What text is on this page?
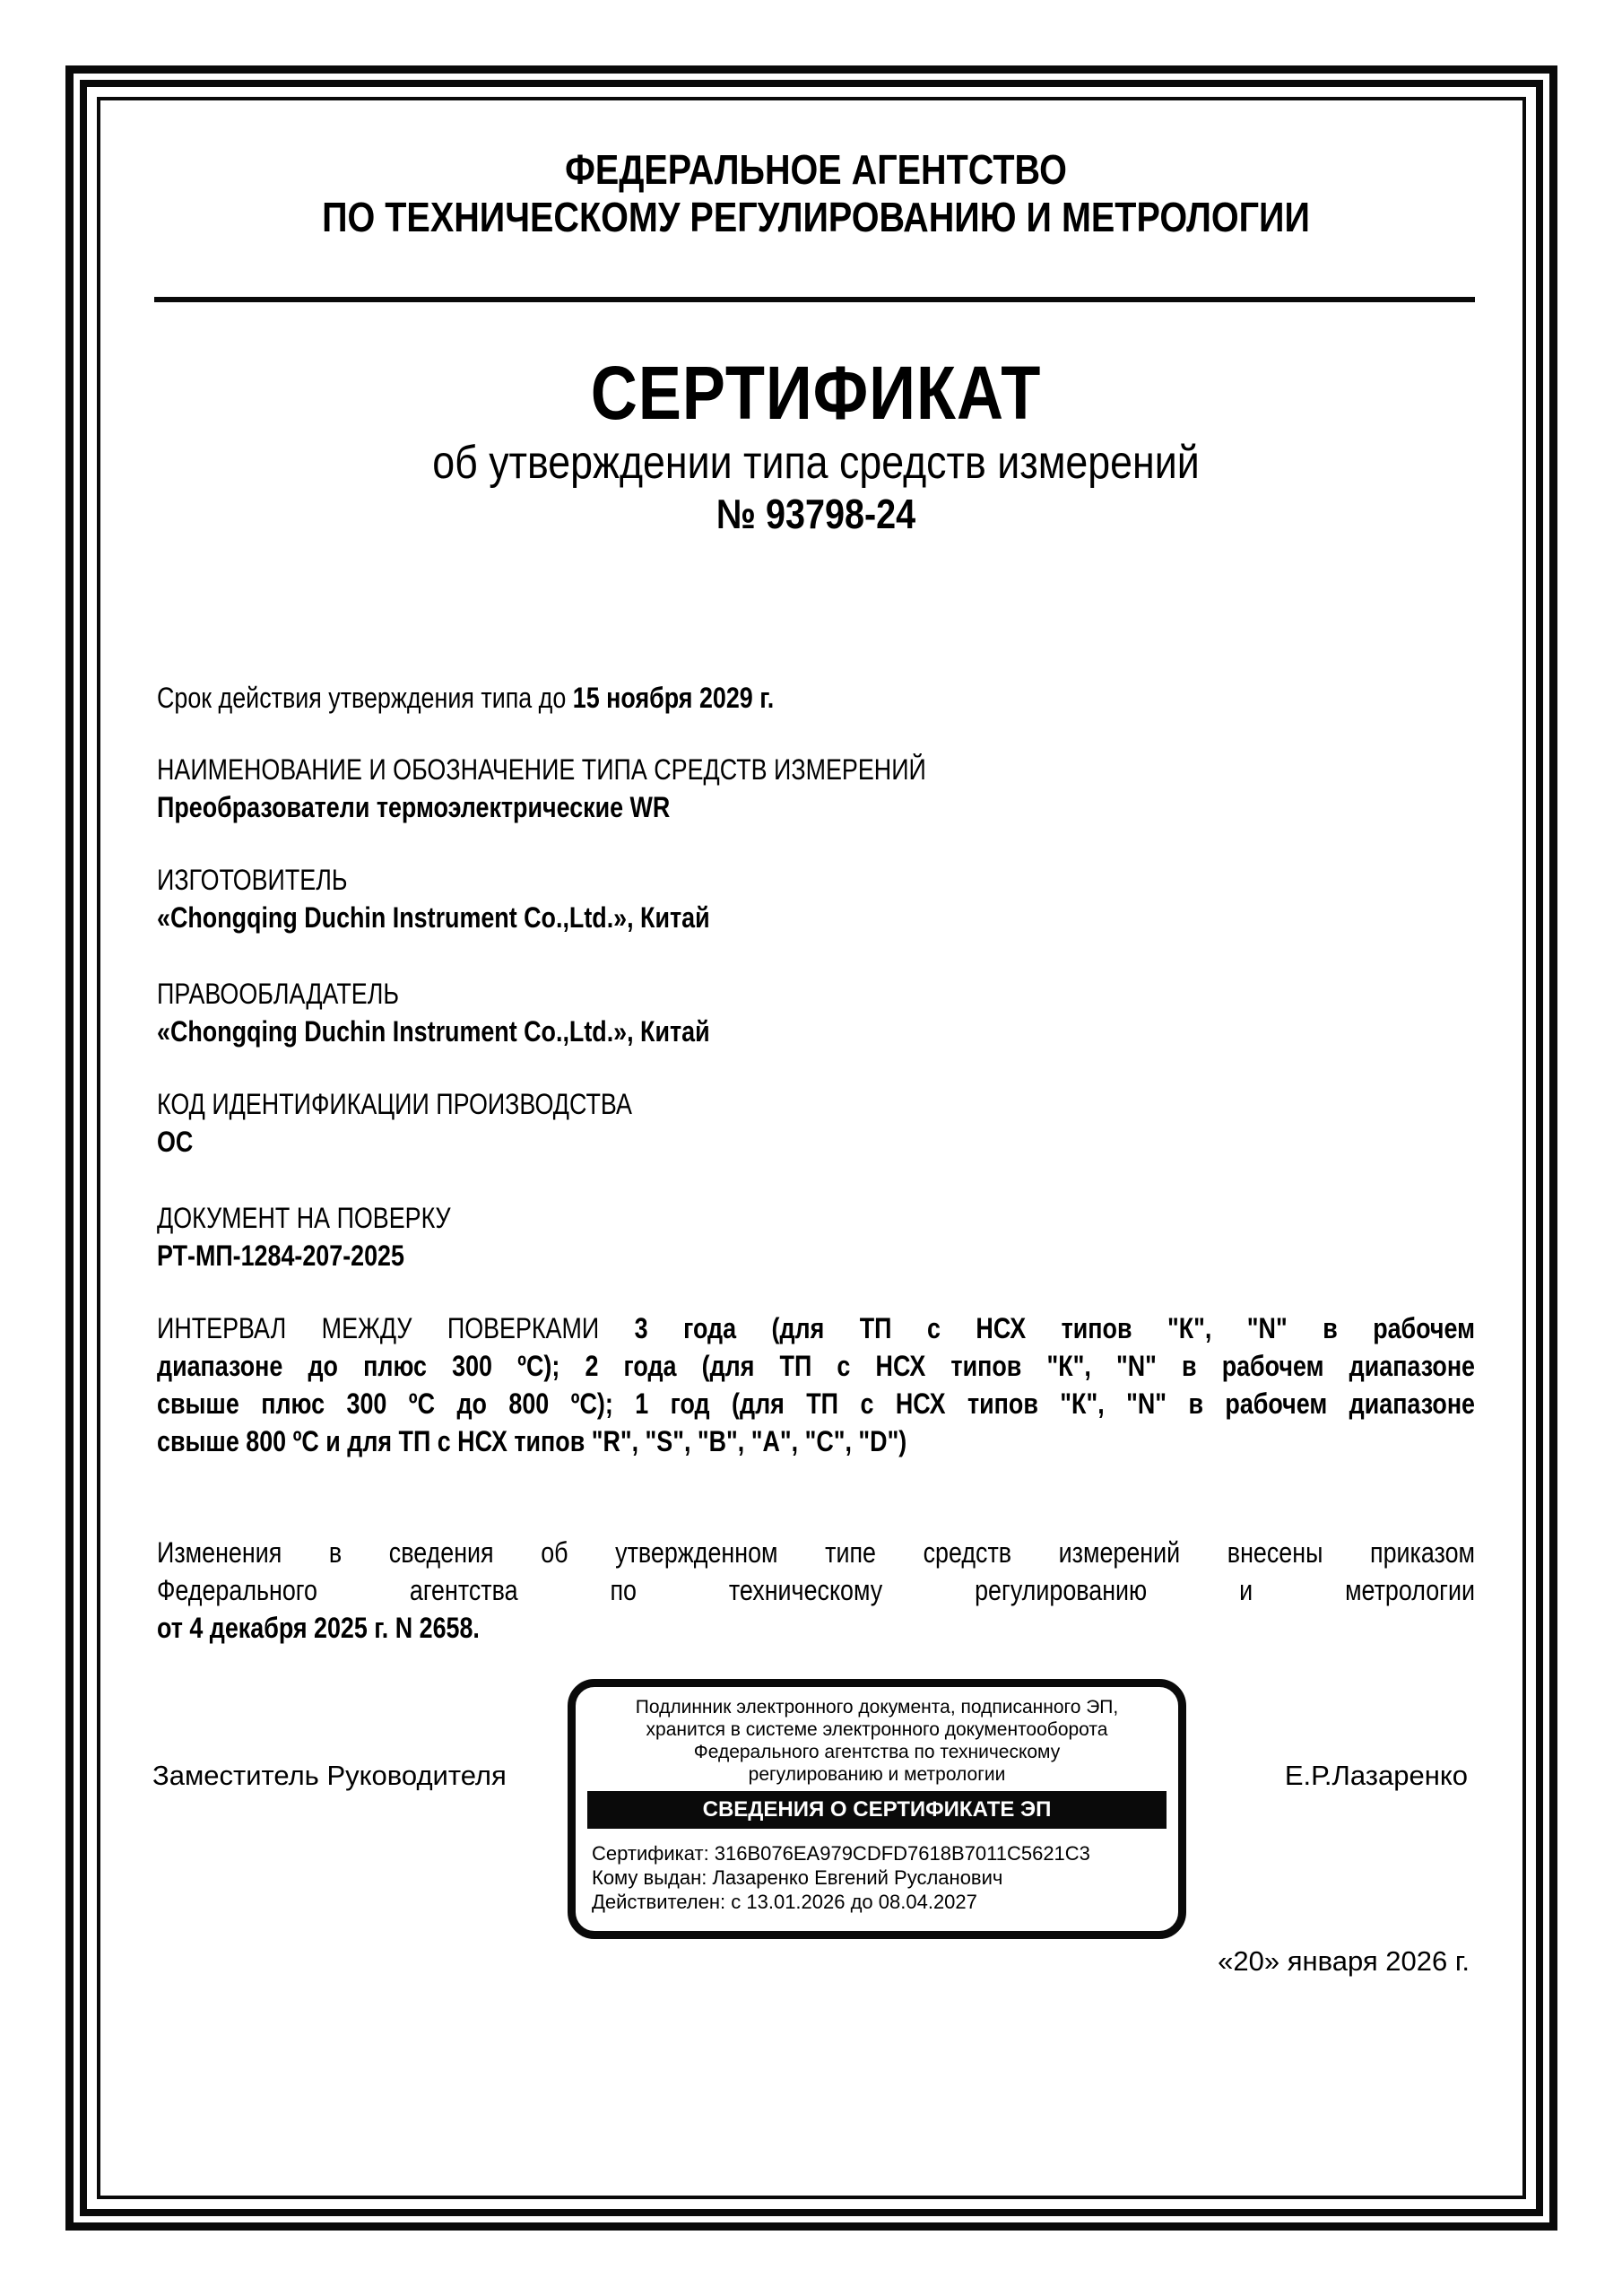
ФЕДЕРАЛЬНОЕ АГЕНТСТВО
ПО ТЕХНИЧЕСКОМУ РЕГУЛИРОВАНИЮ И МЕТРОЛОГИИ
СЕРТИФИКАТ
об утверждении типа средств измерений
№ 93798-24
Срок действия утверждения типа до 15 ноября 2029 г.
НАИМЕНОВАНИЕ И ОБОЗНАЧЕНИЕ ТИПА СРЕДСТВ ИЗМЕРЕНИЙ
Преобразователи термоэлектрические WR
ИЗГОТОВИТЕЛЬ
«Chongqing Duchin Instrument Co.,Ltd.», Китай
ПРАВООБЛАДАТЕЛЬ
«Chongqing Duchin Instrument Co.,Ltd.», Китай
КОД ИДЕНТИФИКАЦИИ ПРОИЗВОДСТВА
ОС
ДОКУМЕНТ НА ПОВЕРКУ
РТ-МП-1284-207-2025
ИНТЕРВАЛ МЕЖДУ ПОВЕРКАМИ 3 года (для ТП с НСХ типов "К", "N" в рабочем
диапазоне до плюс 300 ºС); 2 года (для ТП с НСХ типов "К", "N" в рабочем диапазоне
свыше плюс 300 ºС до 800 ºС); 1 год (для ТП с НСХ типов "К", "N" в рабочем диапазоне
свыше 800 ºС и для ТП с НСХ типов "R", "S", "B", "A", "C", "D")
Изменения в сведения об утвержденном типе средств измерений внесены приказом
Федерального агентства по техническому регулированию и метрологии
от 4 декабря 2025 г. N 2658.
Заместитель Руководителя	Е.Р.Лазаренко
Подлинник электронного документа, подписанного ЭП,
хранится в системе электронного документооборота
Федерального агентства по техническому
регулированию и метрологии
СВЕДЕНИЯ О СЕРТИФИКАТЕ ЭП
Сертификат: 316B076EA979CDFD7618B7011C5621C3
Кому выдан: Лазаренко Евгений Русланович
Действителен: с 13.01.2026 до 08.04.2027
«20» января 2026 г.
